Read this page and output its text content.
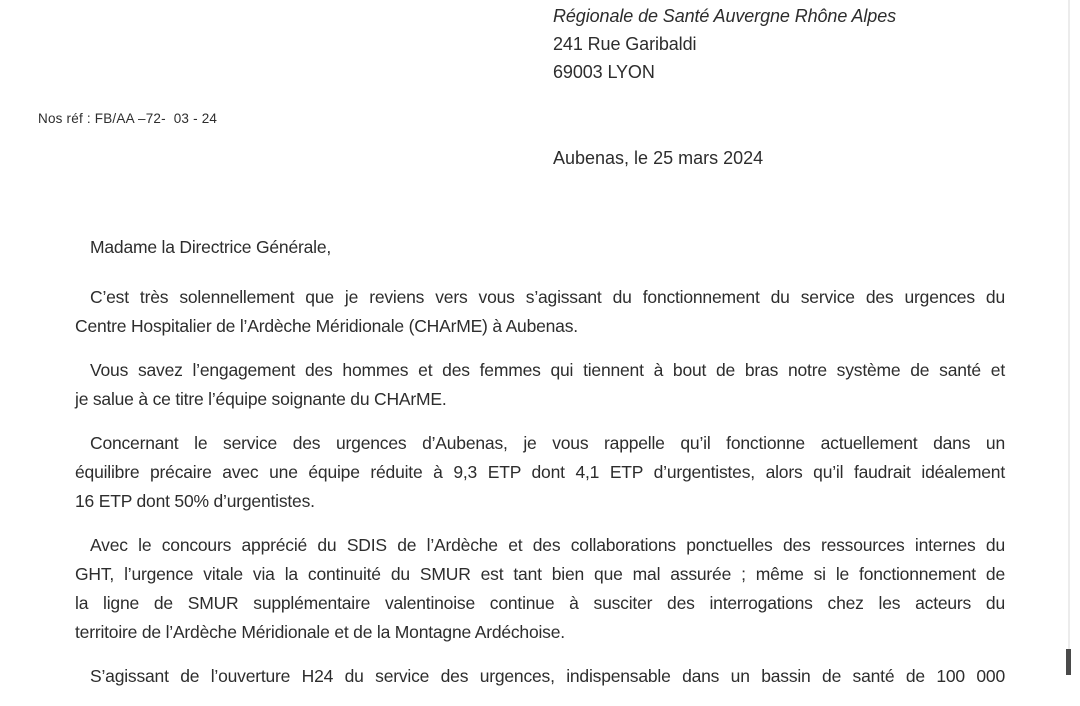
Régionale de Santé Auvergne Rhône Alpes
241 Rue Garibaldi
69003 LYON
Nos réf : FB/AA –72-  03 - 24
Aubenas, le 25 mars 2024
Madame la Directrice Générale,
C’est très solennellement que je reviens vers vous s’agissant du fonctionnement du service des urgences du
Centre Hospitalier de l’Ardèche Méridionale (CHArME) à Aubenas.
Vous savez l’engagement des hommes et des femmes qui tiennent à bout de bras notre système de santé et
je salue à ce titre l’équipe soignante du CHArME.
Concernant le service des urgences d’Aubenas, je vous rappelle qu’il fonctionne actuellement dans un
équilibre précaire avec une équipe réduite à 9,3 ETP dont 4,1 ETP d’urgentistes, alors qu’il faudrait idéalement
16 ETP dont 50% d’urgentistes.
Avec le concours apprécié du SDIS de l’Ardèche et des collaborations ponctuelles des ressources internes du
GHT, l’urgence vitale via la continuité du SMUR est tant bien que mal assurée ; même si le fonctionnement de
la ligne de SMUR supplémentaire valentinoise continue à susciter des interrogations chez les acteurs du
territoire de l’Ardèche Méridionale et de la Montagne Ardéchoise.
S’agissant de l’ouverture H24 du service des urgences, indispensable dans un bassin de santé de 100 000
